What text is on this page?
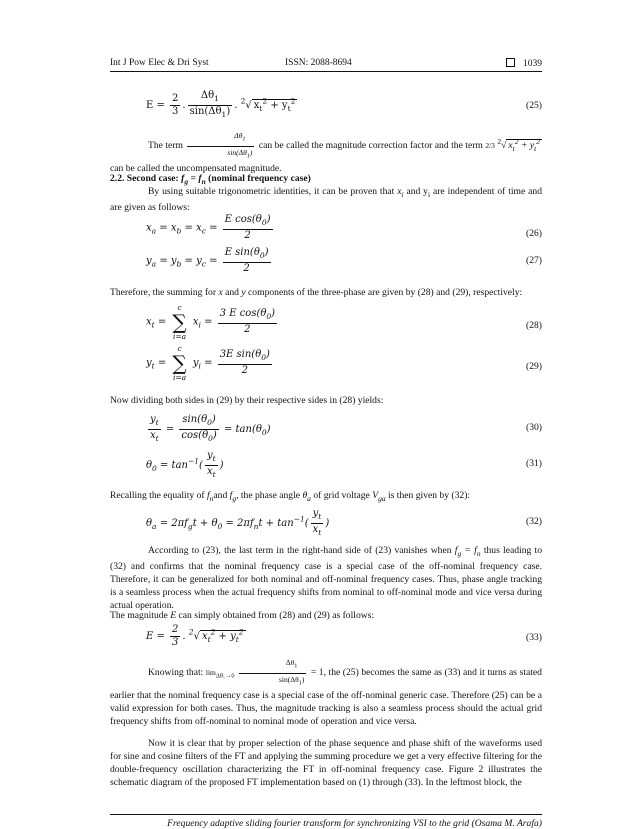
Int J Pow Elec & Dri Syst	ISSN: 2088-8694	1039
$E = \frac{2}{3}$ . $\frac{\Delta\theta_1}{\sin(\Delta\theta_1)}$ . $^2$√ $x_t^2 + y_t^2$	(25)
The term $\frac{\Delta\theta_1}{\sin(\Delta\theta_1)}$ can be called the magnitude correction factor and the term 2/3 $^2$√ $x_t^2 + y_t^2$ can be called the uncompensated magnitude.
2.2. Second case: $f_g = f_n$ (nominal frequency case)
By using suitable trigonometric identities, it can be proven that $x_i$ and $y_i$ are independent of time and are given as follows:
$x_a = x_b = x_c = \frac{E \cos(\theta_0)}{2}$	(26)
$y_a = y_b = y_c = \frac{E \sin(\theta_0)}{2}$	(27)
Therefore, the summing for x and y components of the three-phase are given by (28) and (29), respectively:
$x_t$ =
c
∑
i=a
$x_i = \frac{3 E \cos(\theta_0)}{2}$	(28)
$y_t$ =
c
∑
i=a
$y_i = \frac{3E \sin(\theta_0)}{2}$	(29)
Now dividing both sides in (29) by their respective sides in (28) yields:
$\frac{y_t}{x_t} = \frac{\sin(\theta_0)}{\cos(\theta_0)} = \tan(\theta_0)$	(30)
$\theta_0 = \tan^{-1}( \frac{y_t}{x_t}$ )	(31)
Recalling the equality of $f_nand$ $f_g$, the phase angle $\theta_a$ of grid voltage $V_{ga}$ is then given by (32):
$\theta_a = 2\pi f_gt + \theta_0 = 2\pi f_nt + \tan^{-1}( \frac{y_t}{x_t}$ )	(32)
According to (23), the last term in the right-hand side of (23) vanishes when $f_g = f_n$ thus leading to (32) and confirms that the nominal frequency case is a special case of the off-nominal frequency case. Therefore, it can be generalized for both nominal and off-nominal frequency cases. Thus, phase angle tracking is a seamless process when the actual frequency shifts from nominal to off-nominal mode and vice versa during actual operation.
The magnitude E can simply obtained from (28) and (29) as follows:
$E = \frac{2}{3}$ . $^2$√ $x_t^2 + y_t^2$	(33)
Knowing that: $\lim_{\Delta\theta_1\to 0} \frac{\Delta\theta_1}{\sin(\Delta\theta_1)} = 1$, the (25) becomes the same as (33) and it turns as stated earlier that the nominal frequency case is a special case of the off-nominal generic case. Therefore (25) can be a valid expression for both cases. Thus, the magnitude tracking is also a seamless process should the actual grid frequency shifts from off-nominal to nominal mode of operation and vice versa.
Now it is clear that by proper selection of the phase sequence and phase shift of the waveforms used for sine and cosine filters of the FT and applying the summing procedure we get a very effective filtering for the double-frequency oscillation characterizing the FT in off-nominal frequency case. Figure 2 illustrates the schematic diagram of the proposed FT implementation based on (1) through (33). In the leftmost block, the
Frequency adaptive sliding fourier transform for synchronizing VSI to the grid (Osama M. Arafa)
